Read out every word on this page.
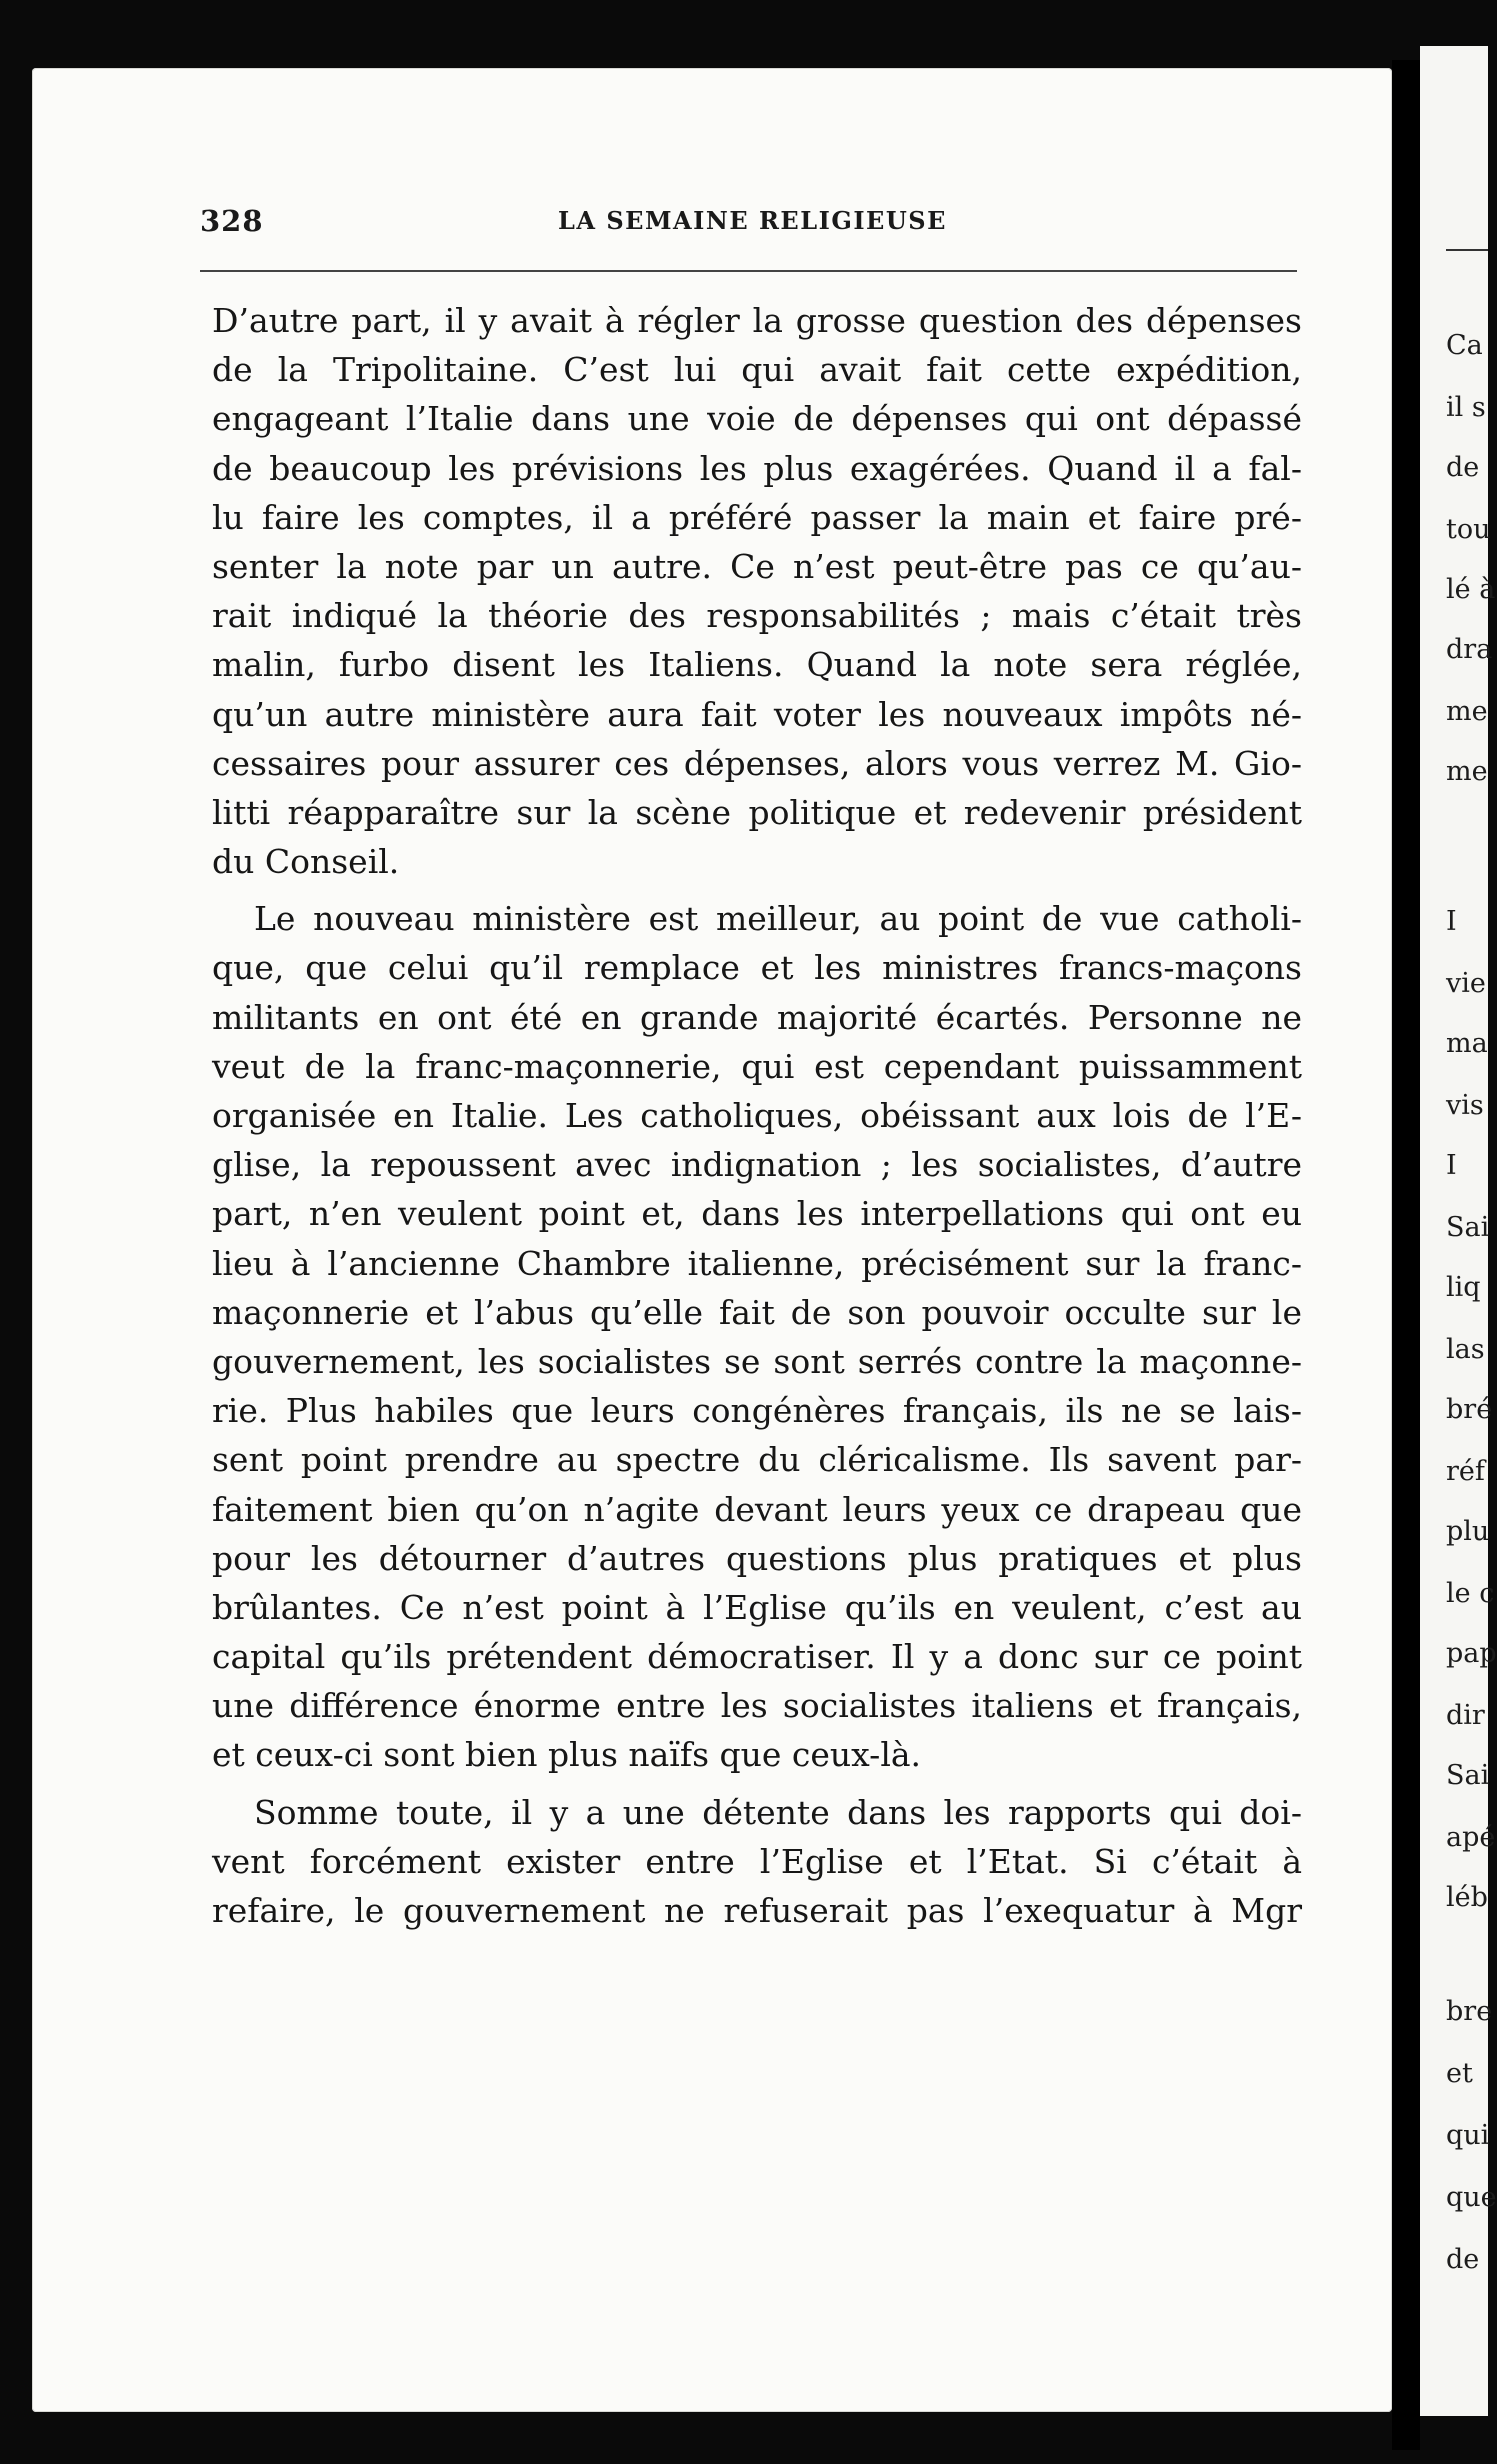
Ca
il s
de
tou
lé à
dra
me
me
I
vie
ma
vis
I
Sai
liq
las
bré
réf
plu
le c
pap
dir
Sai
apé
léb
bre
et
qui
que
de
328	LA SEMAINE RELIGIEUSE
D’autre part, il y avait à régler la grosse question des dépenses
de la Tripolitaine. C’est lui qui avait fait cette expédition,
engageant l’Italie dans une voie de dépenses qui ont dépassé
de beaucoup les prévisions les plus exagérées. Quand il a fal-
lu faire les comptes, il a préféré passer la main et faire pré-
senter la note par un autre. Ce n’est peut-être pas ce qu’au-
rait indiqué la théorie des responsabilités ; mais c’était très
malin, furbo disent les Italiens. Quand la note sera réglée,
qu’un autre ministère aura fait voter les nouveaux impôts né-
cessaires pour assurer ces dépenses, alors vous verrez M. Gio-
litti réapparaître sur la scène politique et redevenir président
du Conseil.
Le nouveau ministère est meilleur, au point de vue catholi-
que, que celui qu’il remplace et les ministres francs-maçons
militants en ont été en grande majorité écartés. Personne ne
veut de la franc-maçonnerie, qui est cependant puissamment
organisée en Italie. Les catholiques, obéissant aux lois de l’E-
glise, la repoussent avec indignation ; les socialistes, d’autre
part, n’en veulent point et, dans les interpellations qui ont eu
lieu à l’ancienne Chambre italienne, précisément sur la franc-
maçonnerie et l’abus qu’elle fait de son pouvoir occulte sur le
gouvernement, les socialistes se sont serrés contre la maçonne-
rie. Plus habiles que leurs congénères français, ils ne se lais-
sent point prendre au spectre du cléricalisme. Ils savent par-
faitement bien qu’on n’agite devant leurs yeux ce drapeau que
pour les détourner d’autres questions plus pratiques et plus
brûlantes. Ce n’est point à l’Eglise qu’ils en veulent, c’est au
capital qu’ils prétendent démocratiser. Il y a donc sur ce point
une différence énorme entre les socialistes italiens et français,
et ceux-ci sont bien plus naïfs que ceux-là.
Somme toute, il y a une détente dans les rapports qui doi-
vent forcément exister entre l’Eglise et l’Etat. Si c’était à
refaire, le gouvernement ne refuserait pas l’exequatur à Mgr
